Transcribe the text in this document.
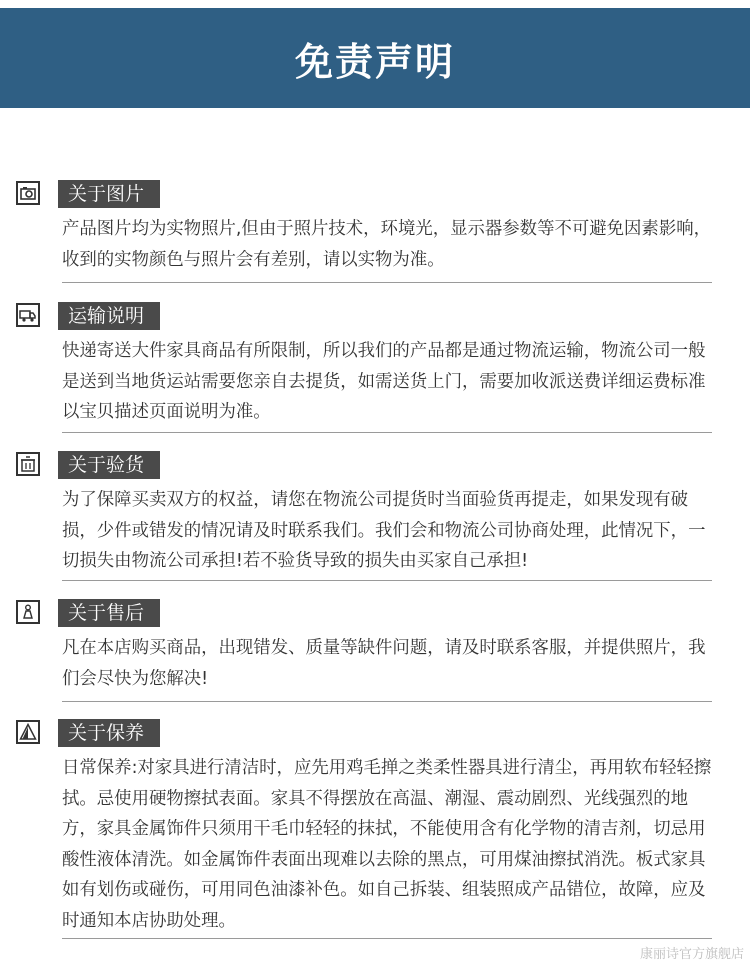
免责声明
关于图片
产品图片均为实物照片,但由于照片技术，环境光，显示器参数等不可避免因素影响，收到的实物颜色与照片会有差别，请以实物为准。
运输说明
快递寄送大件家具商品有所限制，所以我们的产品都是通过物流运输，物流公司一般是送到当地货运站需要您亲自去提货，如需送货上门，需要加收派送费详细运费标准以宝贝描述页面说明为准。
关于验货
为了保障买卖双方的权益，请您在物流公司提货时当面验货再提走，如果发现有破损，少件或错发的情况请及时联系我们。我们会和物流公司协商处理，此情况下，一切损失由物流公司承担!若不验货导致的损失由买家自己承担!
关于售后
凡在本店购买商品，出现错发、质量等缺件问题，请及时联系客服，并提供照片，我们会尽快为您解决!
关于保养
日常保养:对家具进行清洁时，应先用鸡毛掸之类柔性器具进行清尘，再用软布轻轻擦拭。忌使用硬物擦拭表面。家具不得摆放在高温、潮湿、震动剧烈、光线强烈的地方，家具金属饰件只须用干毛巾轻轻的抹拭，不能使用含有化学物的清吉剂，切忌用酸性液体清洗。如金属饰件表面出现难以去除的黑点，可用煤油擦拭消洗。板式家具如有划伤或碰伤，可用同色油漆补色。如自己拆装、组装照成产品错位，故障，应及时通知本店协助处理。
康丽诗官方旗舰店
